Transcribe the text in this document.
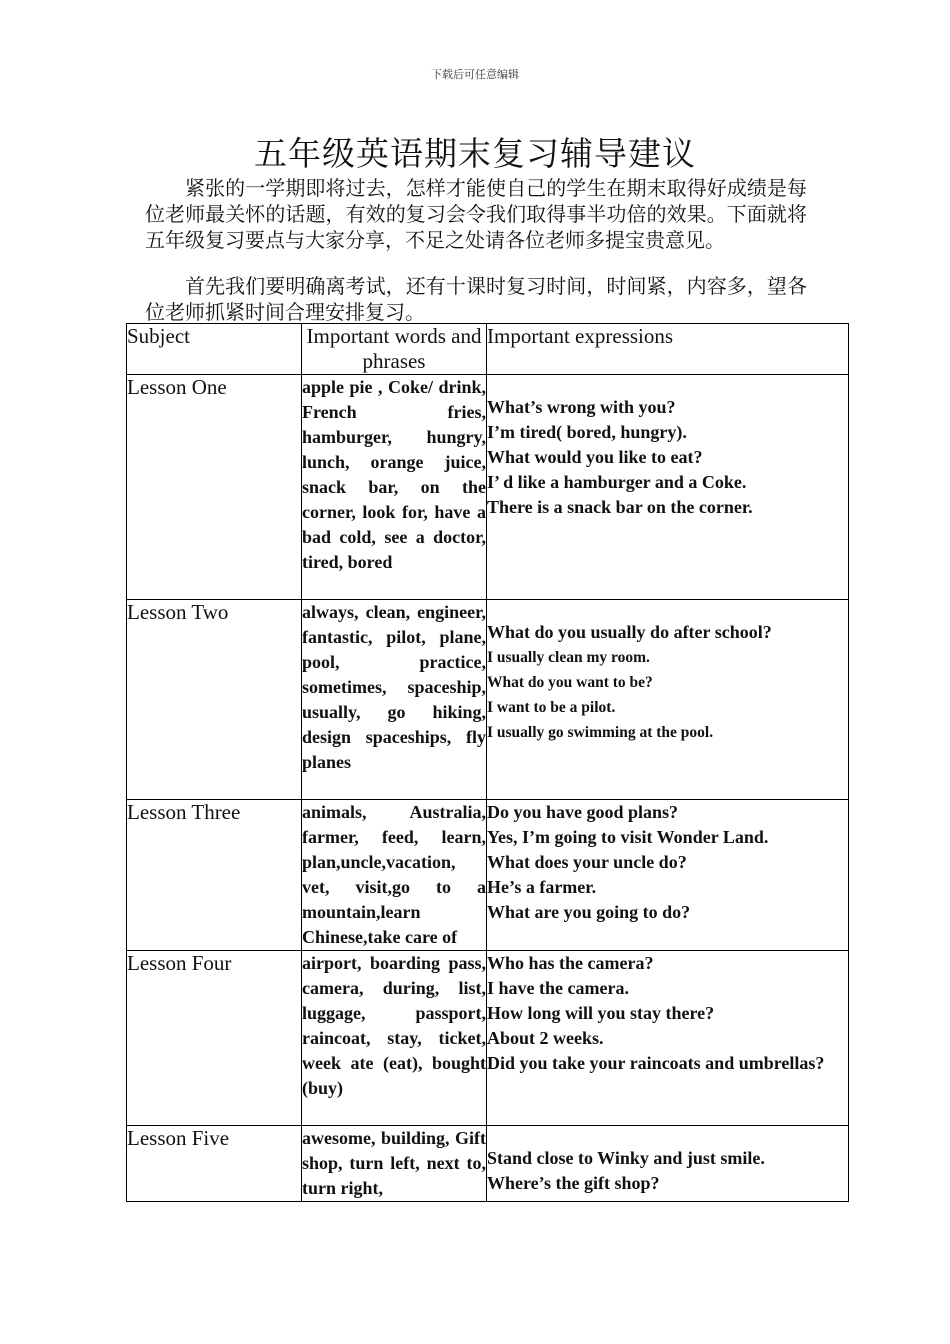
下载后可任意编辑
五年级英语期末复习辅导建议

紧张的一学期即将过去，怎样才能使自己的学生在期末取得好成绩是每位老师最关怀的话题，有效的复习会令我们取得事半功倍的效果。下面就将五年级复习要点与大家分享，不足之处请各位老师多提宝贵意见。

首先我们要明确离考试，还有十课时复习时间，时间紧，内容多，望各位老师抓紧时间合理安排复习。

Subject	Important words and phrases	Important expressions
Lesson One	apple pie , Coke/ drink, French fries, hamburger, hungry, lunch, orange juice, snack bar, on the corner, look for, have a bad cold, see a doctor, tired, bored	What’s wrong with you?
I’m tired( bored, hungry).
What would you like to eat?
I’ d like a hamburger and a Coke.
There is a snack bar on the corner.

Lesson Two	always, clean, engineer, fantastic, pilot, plane, pool, practice, sometimes, spaceship, usually, go hiking, design spaceships, fly planes	What do you usually do after school?
I usually clean my room.
What do you want to be?
I want to be a pilot.
I usually go swimming at the pool.

Lesson Three	animals, Australia, farmer, feed, learn, plan,uncle,vacation, vet, visit,go to a mountain,learn Chinese,take care of	Do you have good plans?
Yes, I’m going to visit Wonder Land.
What does your uncle do?
He’s a farmer.
What are you going to do?

Lesson Four	airport, boarding pass, camera, during, list, luggage, passport, raincoat, stay, ticket, week ate (eat), bought (buy)	Who has the camera?
I have the camera.
How long will you stay there?
About 2 weeks.
Did you take your raincoats and umbrellas?

Lesson Five	awesome, building, Gift shop, turn left, next to, turn right,	Stand close to Winky and just smile.
Where’s the gift shop?
